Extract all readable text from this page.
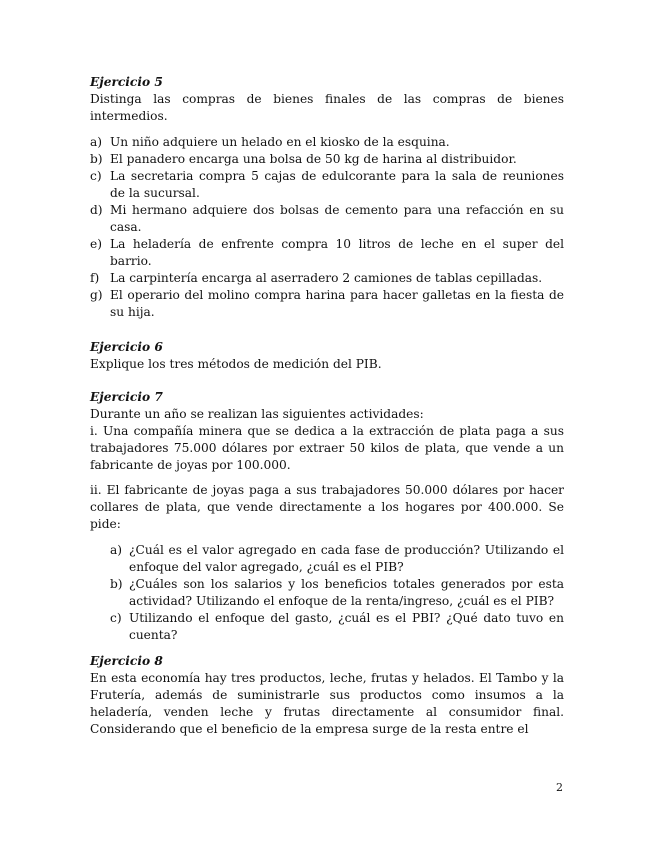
Ejercicio 5

Distinga las compras de bienes finales de las compras de bienes intermedios.

a) Un niño adquiere un helado en el kiosko de la esquina.
b) El panadero encarga una bolsa de 50 kg de harina al distribuidor.
c) La secretaria compra 5 cajas de edulcorante para la sala de reuniones de la sucursal.
d) Mi hermano adquiere dos bolsas de cemento para una refacción en su casa.
e) La heladería de enfrente compra 10 litros de leche en el super del barrio.
f) La carpintería encarga al aserradero 2 camiones de tablas cepilladas.
g) El operario del molino compra harina para hacer galletas en la fiesta de su hija.

Ejercicio 6

Explique los tres métodos de medición del PIB.

Ejercicio 7

Durante un año se realizan las siguientes actividades:

i. Una compañía minera que se dedica a la extracción de plata paga a sus trabajadores 75.000 dólares por extraer 50 kilos de plata, que vende a un fabricante de joyas por 100.000.

ii. El fabricante de joyas paga a sus trabajadores 50.000 dólares por hacer collares de plata, que vende directamente a los hogares por 400.000. Se pide:

a) ¿Cuál es el valor agregado en cada fase de producción? Utilizando el enfoque del valor agregado, ¿cuál es el PIB?
b) ¿Cuáles son los salarios y los beneficios totales generados por esta actividad? Utilizando el enfoque de la renta/ingreso, ¿cuál es el PIB?
c) Utilizando el enfoque del gasto, ¿cuál es el PBI? ¿Qué dato tuvo en cuenta?

Ejercicio 8

En esta economía hay tres productos, leche, frutas y helados. El Tambo y la Frutería, además de suministrarle sus productos como insumos a la heladería, venden leche y frutas directamente al consumidor final. Considerando que el beneficio de la empresa surge de la resta entre el

2
